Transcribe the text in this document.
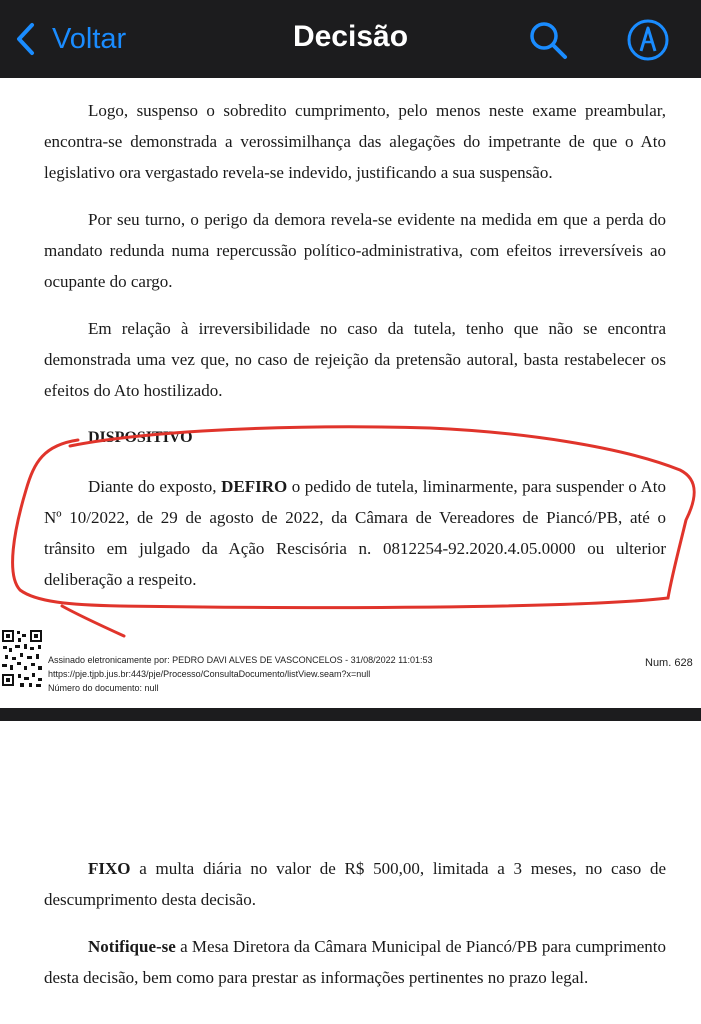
Voltar	Decisão

Logo, suspenso o sobredito cumprimento, pelo menos neste exame preambular, encontra-se demonstrada a verossimilhança das alegações do impetrante de que o Ato legislativo ora vergastado revela-se indevido, justificando a sua suspensão.

Por seu turno, o perigo da demora revela-se evidente na medida em que a perda do mandato redunda numa repercussão político-administrativa, com efeitos irreversíveis ao ocupante do cargo.

Em relação à irreversibilidade no caso da tutela, tenho que não se encontra demonstrada uma vez que, no caso de rejeição da pretensão autoral, basta restabelecer os efeitos do Ato hostilizado.

DISPOSITIVO

Diante do exposto, DEFIRO o pedido de tutela, liminarmente, para suspender o Ato Nº 10/2022, de 29 de agosto de 2022, da Câmara de Vereadores de Piancó/PB, até o trânsito em julgado da Ação Rescisória n. 0812254-92.2020.4.05.0000 ou ulterior deliberação a respeito.

Assinado eletronicamente por: PEDRO DAVI ALVES DE VASCONCELOS - 31/08/2022 11:01:53
https://pje.tjpb.jus.br:443/pje/Processo/ConsultaDocumento/listView.seam?x=null
Número do documento: null
Num. 628

FIXO a multa diária no valor de R$ 500,00, limitada a 3 meses, no caso de descumprimento desta decisão.

Notifique-se a Mesa Diretora da Câmara Municipal de Piancó/PB para cumprimento desta decisão, bem como para prestar as informações pertinentes no prazo legal.
